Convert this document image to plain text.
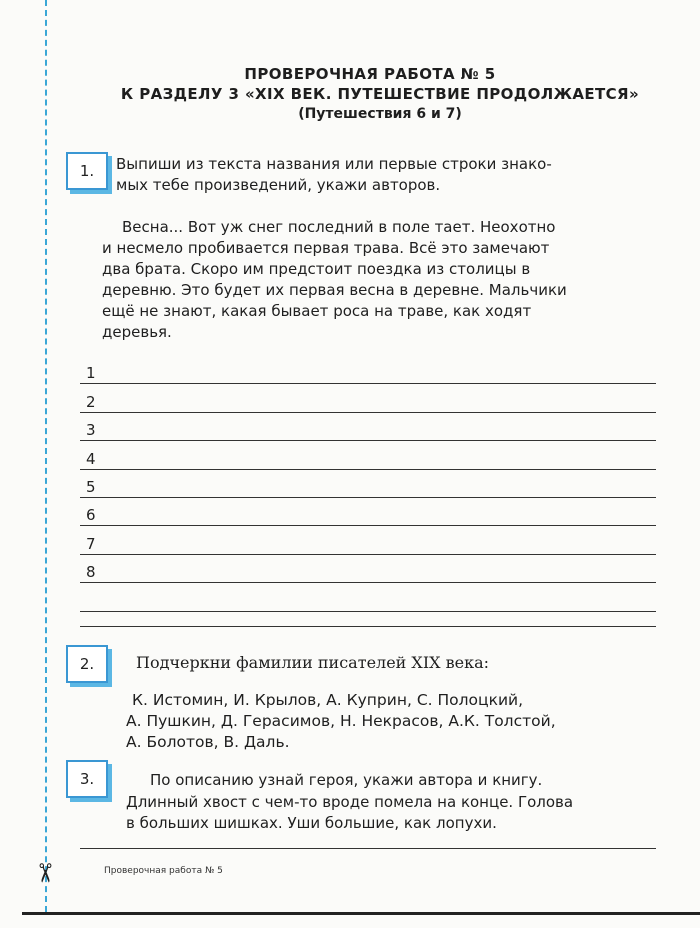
✂
ПРОВЕРОЧНАЯ РАБОТА № 5
К РАЗДЕЛУ 3 «XIX ВЕК. ПУТЕШЕСТВИЕ ПРОДОЛЖАЕТСЯ»
(Путешествия 6 и 7)
1.	Выпиши из текста названия или первые строки знако-
мых тебе произведений, укажи авторов.
Весна... Вот уж снег последний в поле тает. Неохотно
и несмело пробивается первая трава. Всё это замечают
два брата. Скоро им предстоит поездка из столицы в
деревню. Это будет их первая весна в деревне. Мальчики
ещё не знают, какая бывает роса на траве, как ходят
деревья.
1
2
3
4
5
6
7
8
2.	Подчеркни фамилии писателей XIX века:
К. Истомин, И. Крылов, А. Куприн, С. Полоцкий,
А. Пушкин, Д. Герасимов, Н. Некрасов, А.К. Толстой,
А. Болотов, В. Даль.
3.	По описанию узнай героя, укажи автора и книгу.
Длинный хвост с чем-то вроде помела на конце. Голова
в больших шишках. Уши большие, как лопухи.
Проверочная работа № 5
